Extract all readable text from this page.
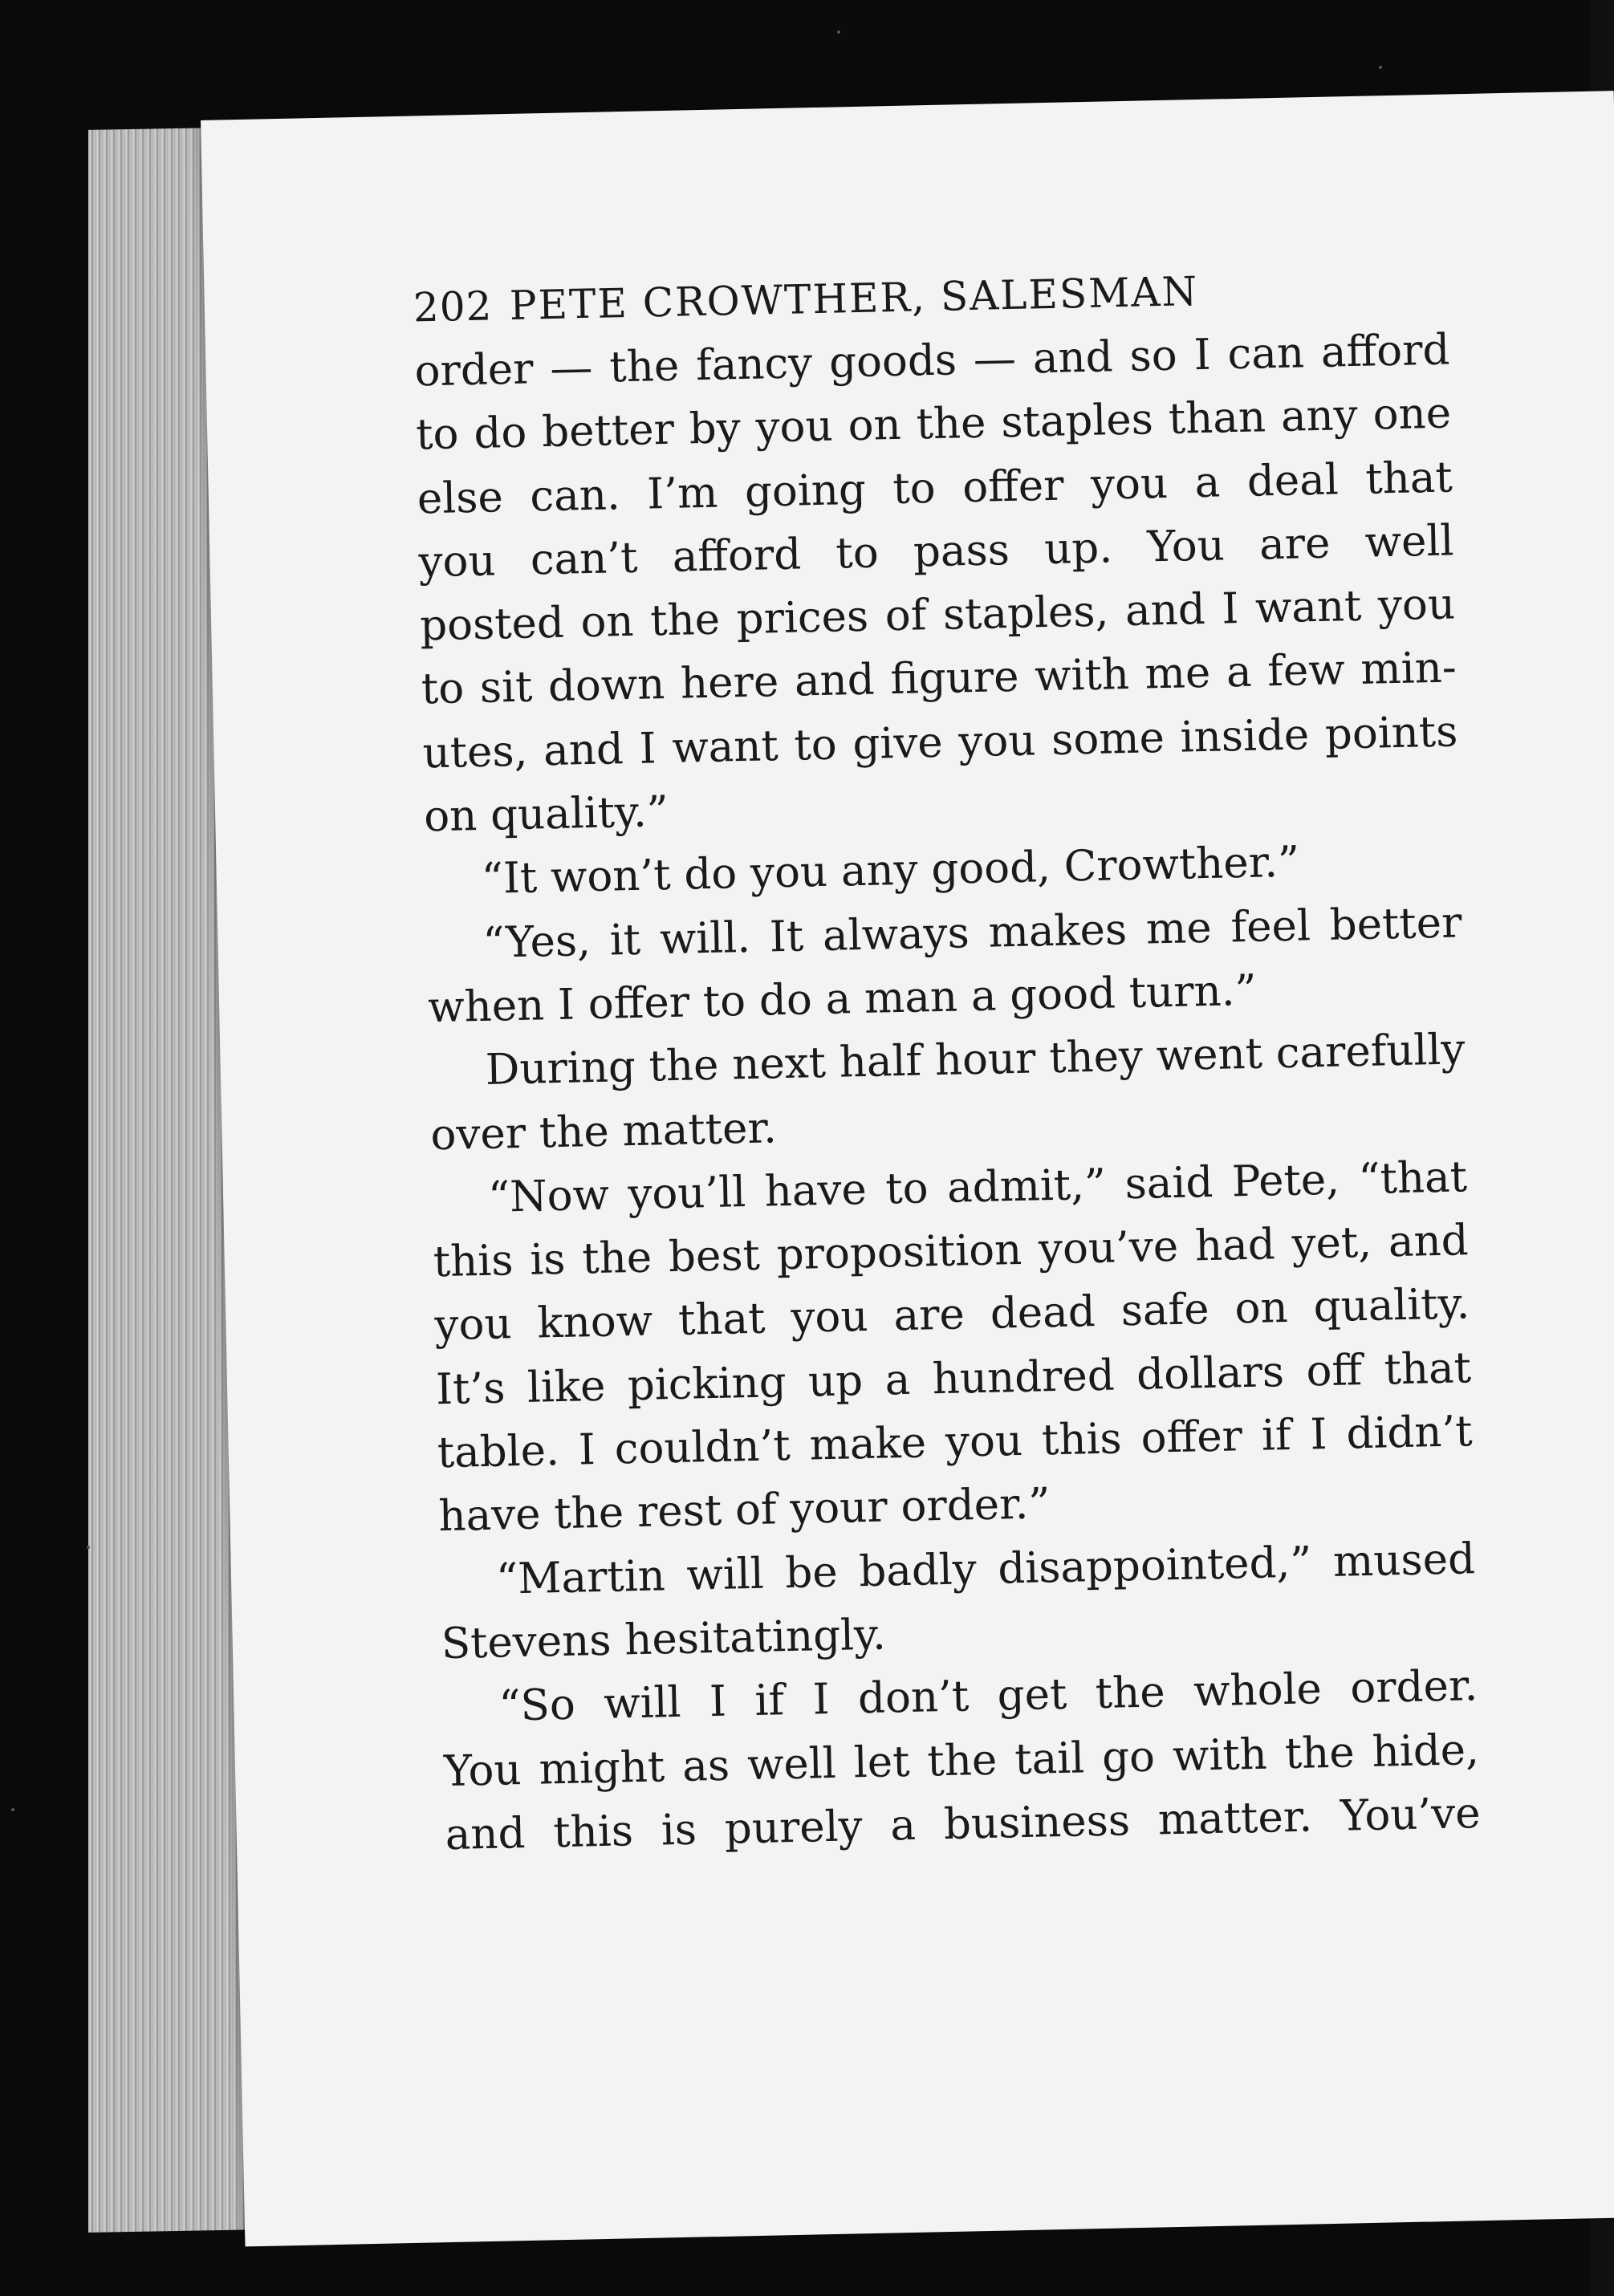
202 PETE CROWTHER, SALESMAN
order — the fancy goods — and so I can afford
to do better by you on the staples than any one
else can. I’m going to offer you a deal that
you can’t afford to pass up. You are well
posted on the prices of staples, and I want you
to sit down here and figure with me a few min-
utes, and I want to give you some inside points
on quality.”
“It won’t do you any good, Crowther.”
“Yes, it will. It always makes me feel better
when I offer to do a man a good turn.”
During the next half hour they went carefully
over the matter.
“Now you’ll have to admit,” said Pete, “that
this is the best proposition you’ve had yet, and
you know that you are dead safe on quality.
It’s like picking up a hundred dollars off that
table. I couldn’t make you this offer if I didn’t
have the rest of your order.”
“Martin will be badly disappointed,” mused
Stevens hesitatingly.
“So will I if I don’t get the whole order.
You might as well let the tail go with the hide,
and this is purely a business matter. You’ve
